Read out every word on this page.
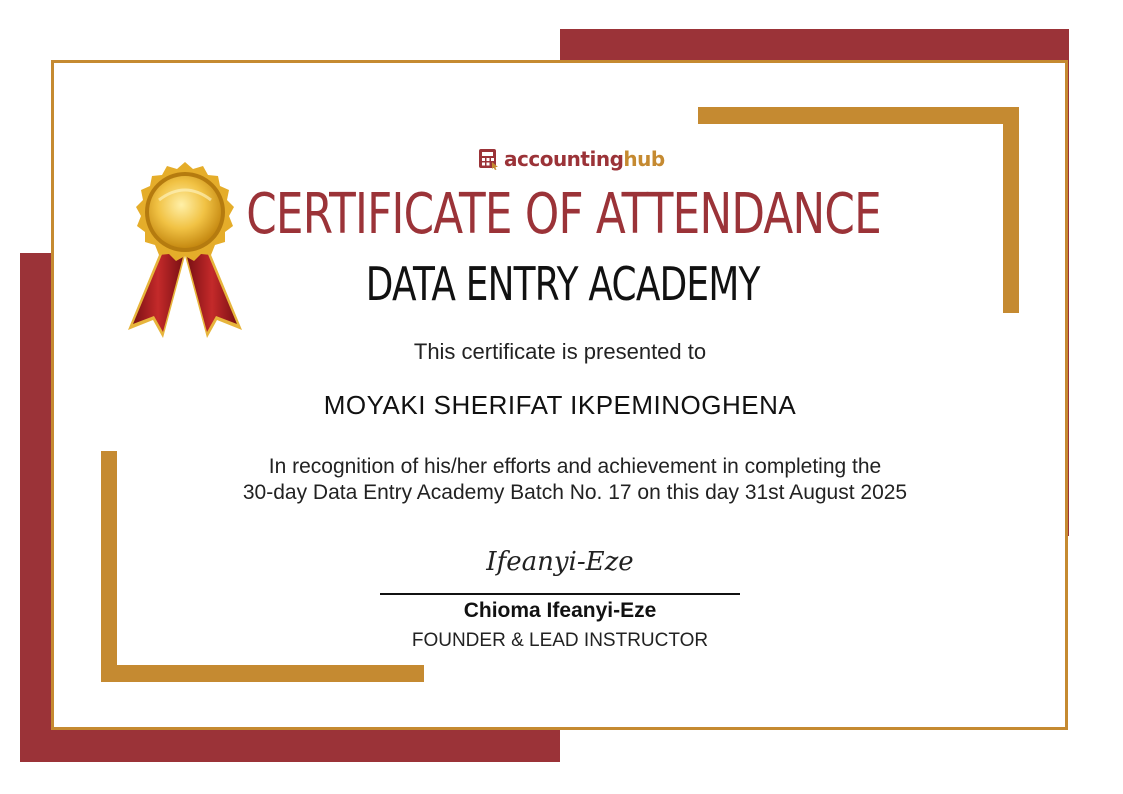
accountinghub
CERTIFICATE OF ATTENDANCE
DATA ENTRY ACADEMY
This certificate is presented to
MOYAKI SHERIFAT IKPEMINOGHENA
In recognition of his/her efforts and achievement in completing the
30-day Data Entry Academy Batch No. 17 on this day 31st August 2025
Ifeanyi-Eze
Chioma Ifeanyi-Eze
FOUNDER & LEAD INSTRUCTOR
